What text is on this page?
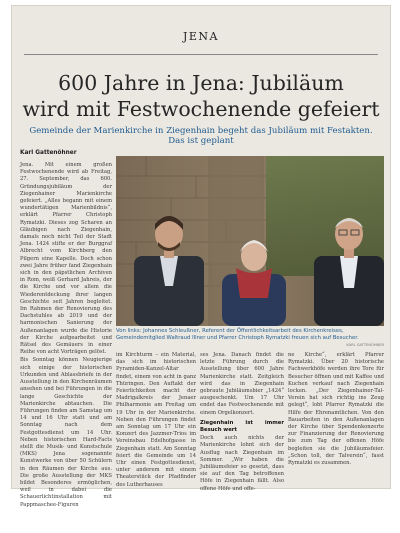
JENA
600 Jahre in Jena: Jubiläum
wird mit Festwochenende gefeiert
Gemeinde der Marienkirche in Ziegenhain begeht das Jubiläum mit Festakten. Das ist geplant
Karl Gattenöhner

Jena. Mit einem großen Festwochenende wird ab Freitag, 27. September, das 600. Gründungsjubiläum der Ziegenhainer Marienkirche gefeiert. „Alles begann mit einem wundertätigen Marienbildnis“, erklärt Pfarrer Christoph Rymatzki. Dieses zog Scharen an Gläubigen nach Ziegenhain, damals noch nicht Teil der Stadt Jena. 1424 stifte er der Burggraf Albrecht vom Kirchberg den Pilgern eine Kapelle. Doch schon zwei Jahre früher fand Ziegenhain sich in den päpstlichen Archiven in Rom, weiß Gerhard Jahreis, der die Kirche und vor allem die Wiederentdeckung ihrer langen Geschichte seit Jahren begleitet. Im Rahmen der Renovierung des Dachstuhles ab 2019 und der harmonischen Sanierung der Außenanlagen wurde die Historie der Kirche aufgearbeitet und Rätsel des Gemäuers in einer Reihe von acht Vorträgen gelöst.

Bis Sonntag können Neugierige sich einige der historischen Urkunden und Ablassbriefe in der Ausstellung in den Kirchenräumen ansehen und bei Führungen in die lange Geschichte der Marienkirche abtauchen. Die Führungen finden am Samstag um 14 und 16 Uhr statt und am Sonntag nach dem Festgottesdienst um 14 Uhr. Neben historischen Hard-Facts stellt die Musik- und Kunstschule (MKS) Jena sogenannte Kunstwerke von über 50 Schülern in den Räumen der Kirche aus. Die große Ausstellung der MKS bildet Besonderes ermöglichen, weil in dabei die Schauerlichtinstallation mit Pappmaschee-Figuren

Von links: Johannes Schleußner, Referent der Öffentlichkeitsarbeit des Kirchenkreises, Gemeindemitglied Waltraud Illner und Pfarrer Christoph Rymatzki freuen sich auf Besucher.
KARL GATTENÖHNER

im Kirchturm – ein Material, das sich im historischen Pyramiden-Kanzel-Altar findet, einem von acht in ganz Thüringen. Den Auftakt der Feierlichkeiten macht der Madrigalkreis der Jenaer Philharmonie am Freitag um 19 Uhr in der Marienkirche. Neben den Führungen findet am Sonntag um 17 Uhr ein Konzert des Jazzmer-Trios im Vereinsbau Edelhofgasse in Ziegenhain statt. Am Sonntag feiert die Gemeinde um 14 Uhr einen Festgottesdienst, unter anderem mit einem Theaterstück der Pfadfinder des Lutherhauses

ses Jena. Danach findet die letzte Führung durch die Ausstellung über 600 Jahre Marienkirche statt. Zeitgleich wird das in Ziegenhain gebraute Jubiläumsbier „1424“ ausgeschenkt. Um 17 Uhr endet das Festwochenende mit einem Orgelkonzert.

Ziegenhain ist immer Besuch wert

Doch auch nichts der Marienkirche lohnt sich der Ausflug nach Ziegenhain im Sommer. „Wir haben die Jubiläumsfeier so gesetzt, dass sie auf den Tag betroffenen Höfe in Ziegenhain fällt. Also offene Höfe und offe-

ne Kirche“, erklärt Pfarrer Rymatzki. Über 20 historische Fachwerkhöfe werden ihre Tore für Besucher öffnen und mit Kaffee und Kuchen verkauf nach Ziegenhain locken. „Der Ziegenhainer-Tal-Verein hat sich richtig ins Zeug gelegt“, lobt Pfarrer Rymatzki die Hilfe der Ehrenamtlichen. Von den Bauarbeiten in den Außenanlagen der Kirche über Spendenkonzerte zur Finanzierung der Renovierung bis zum Tag der offenen Höfe begleiten sie die Jubiläumsfeier. „Schon toll, der Talverein“, fasst Rymatzki es zusammen.
